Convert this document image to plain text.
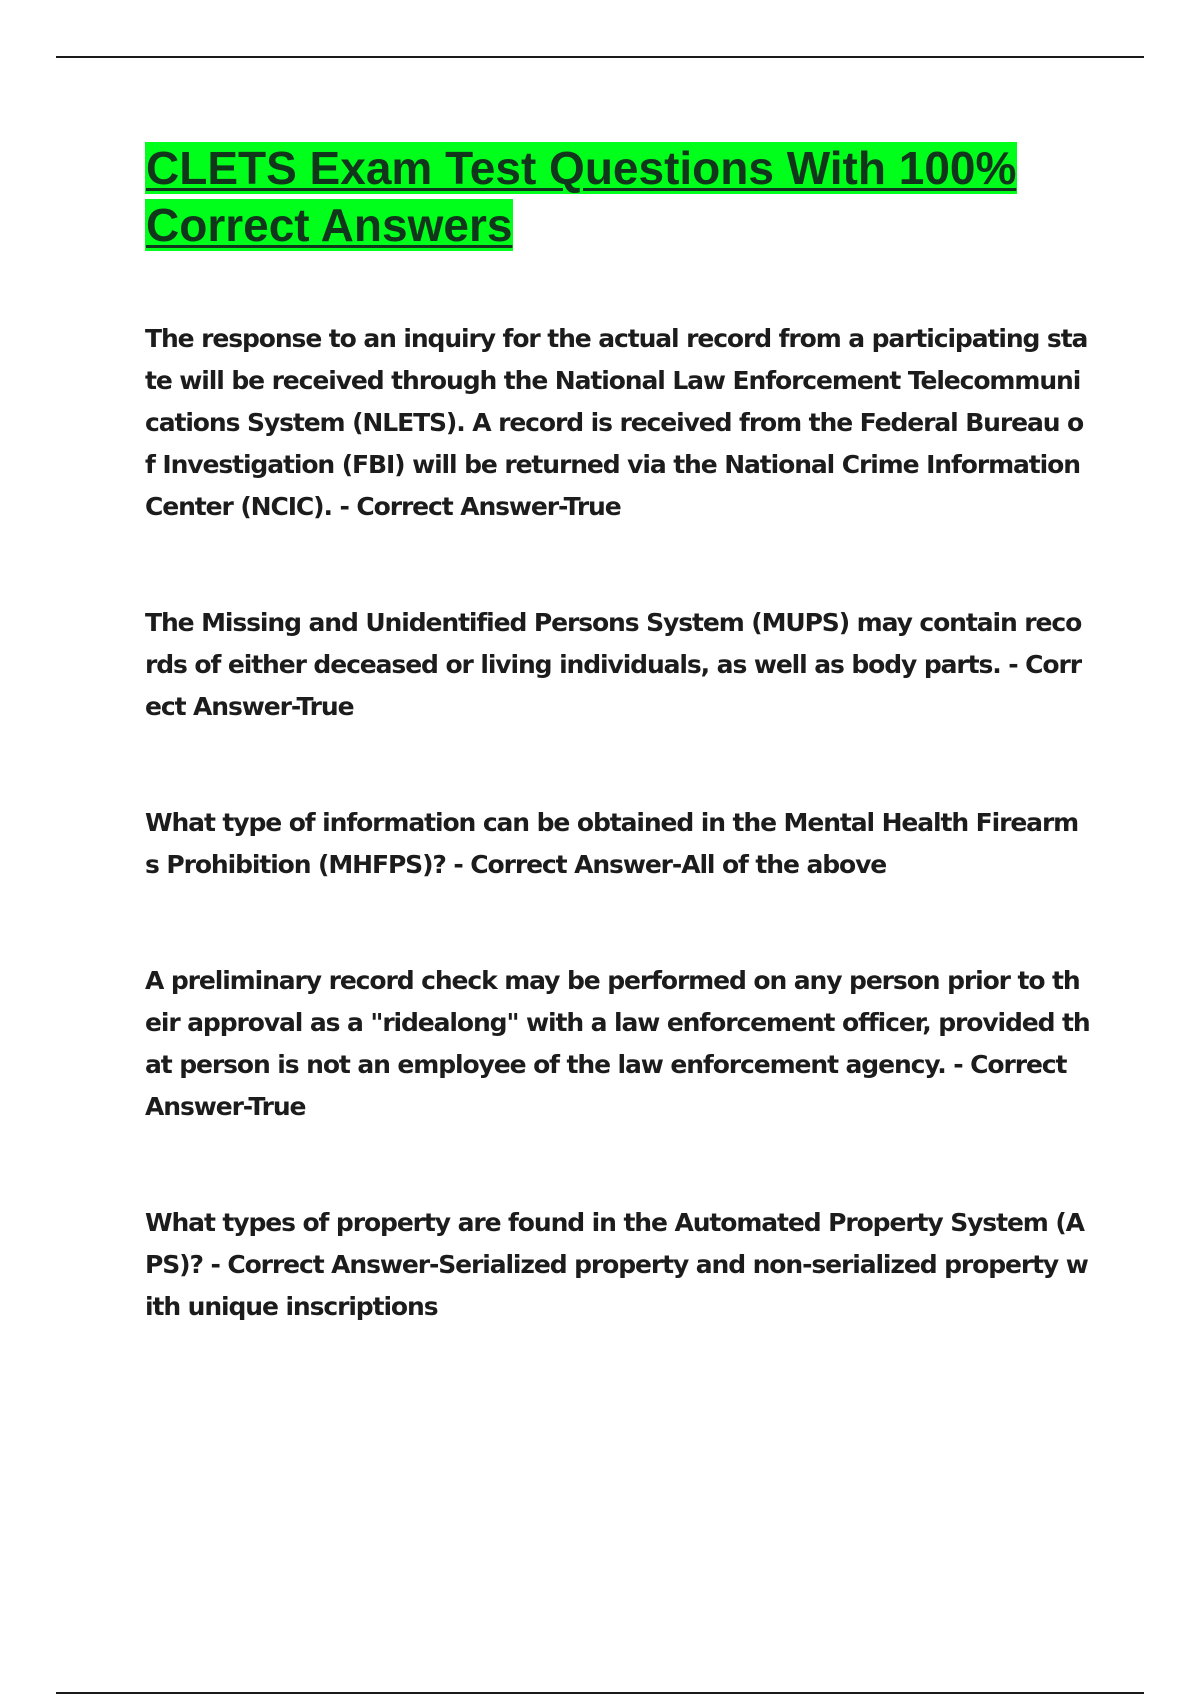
CLETS Exam Test Questions With 100% Correct Answers

The response to an inquiry for the actual record from a participating state will be received through the National Law Enforcement Telecommunications System (NLETS). A record is received from the Federal Bureau of Investigation (FBI) will be returned via the National Crime Information Center (NCIC). - Correct Answer-True

The Missing and Unidentified Persons System (MUPS) may contain records of either deceased or living individuals, as well as body parts. - Correct Answer-True

What type of information can be obtained in the Mental Health Firearms Prohibition (MHFPS)? - Correct Answer-All of the above

A preliminary record check may be performed on any person prior to their approval as a "ridealong" with a law enforcement officer, provided that person is not an employee of the law enforcement agency. - Correct Answer-True

What types of property are found in the Automated Property System (APS)? - Correct Answer-Serialized property and non-serialized property with unique inscriptions
